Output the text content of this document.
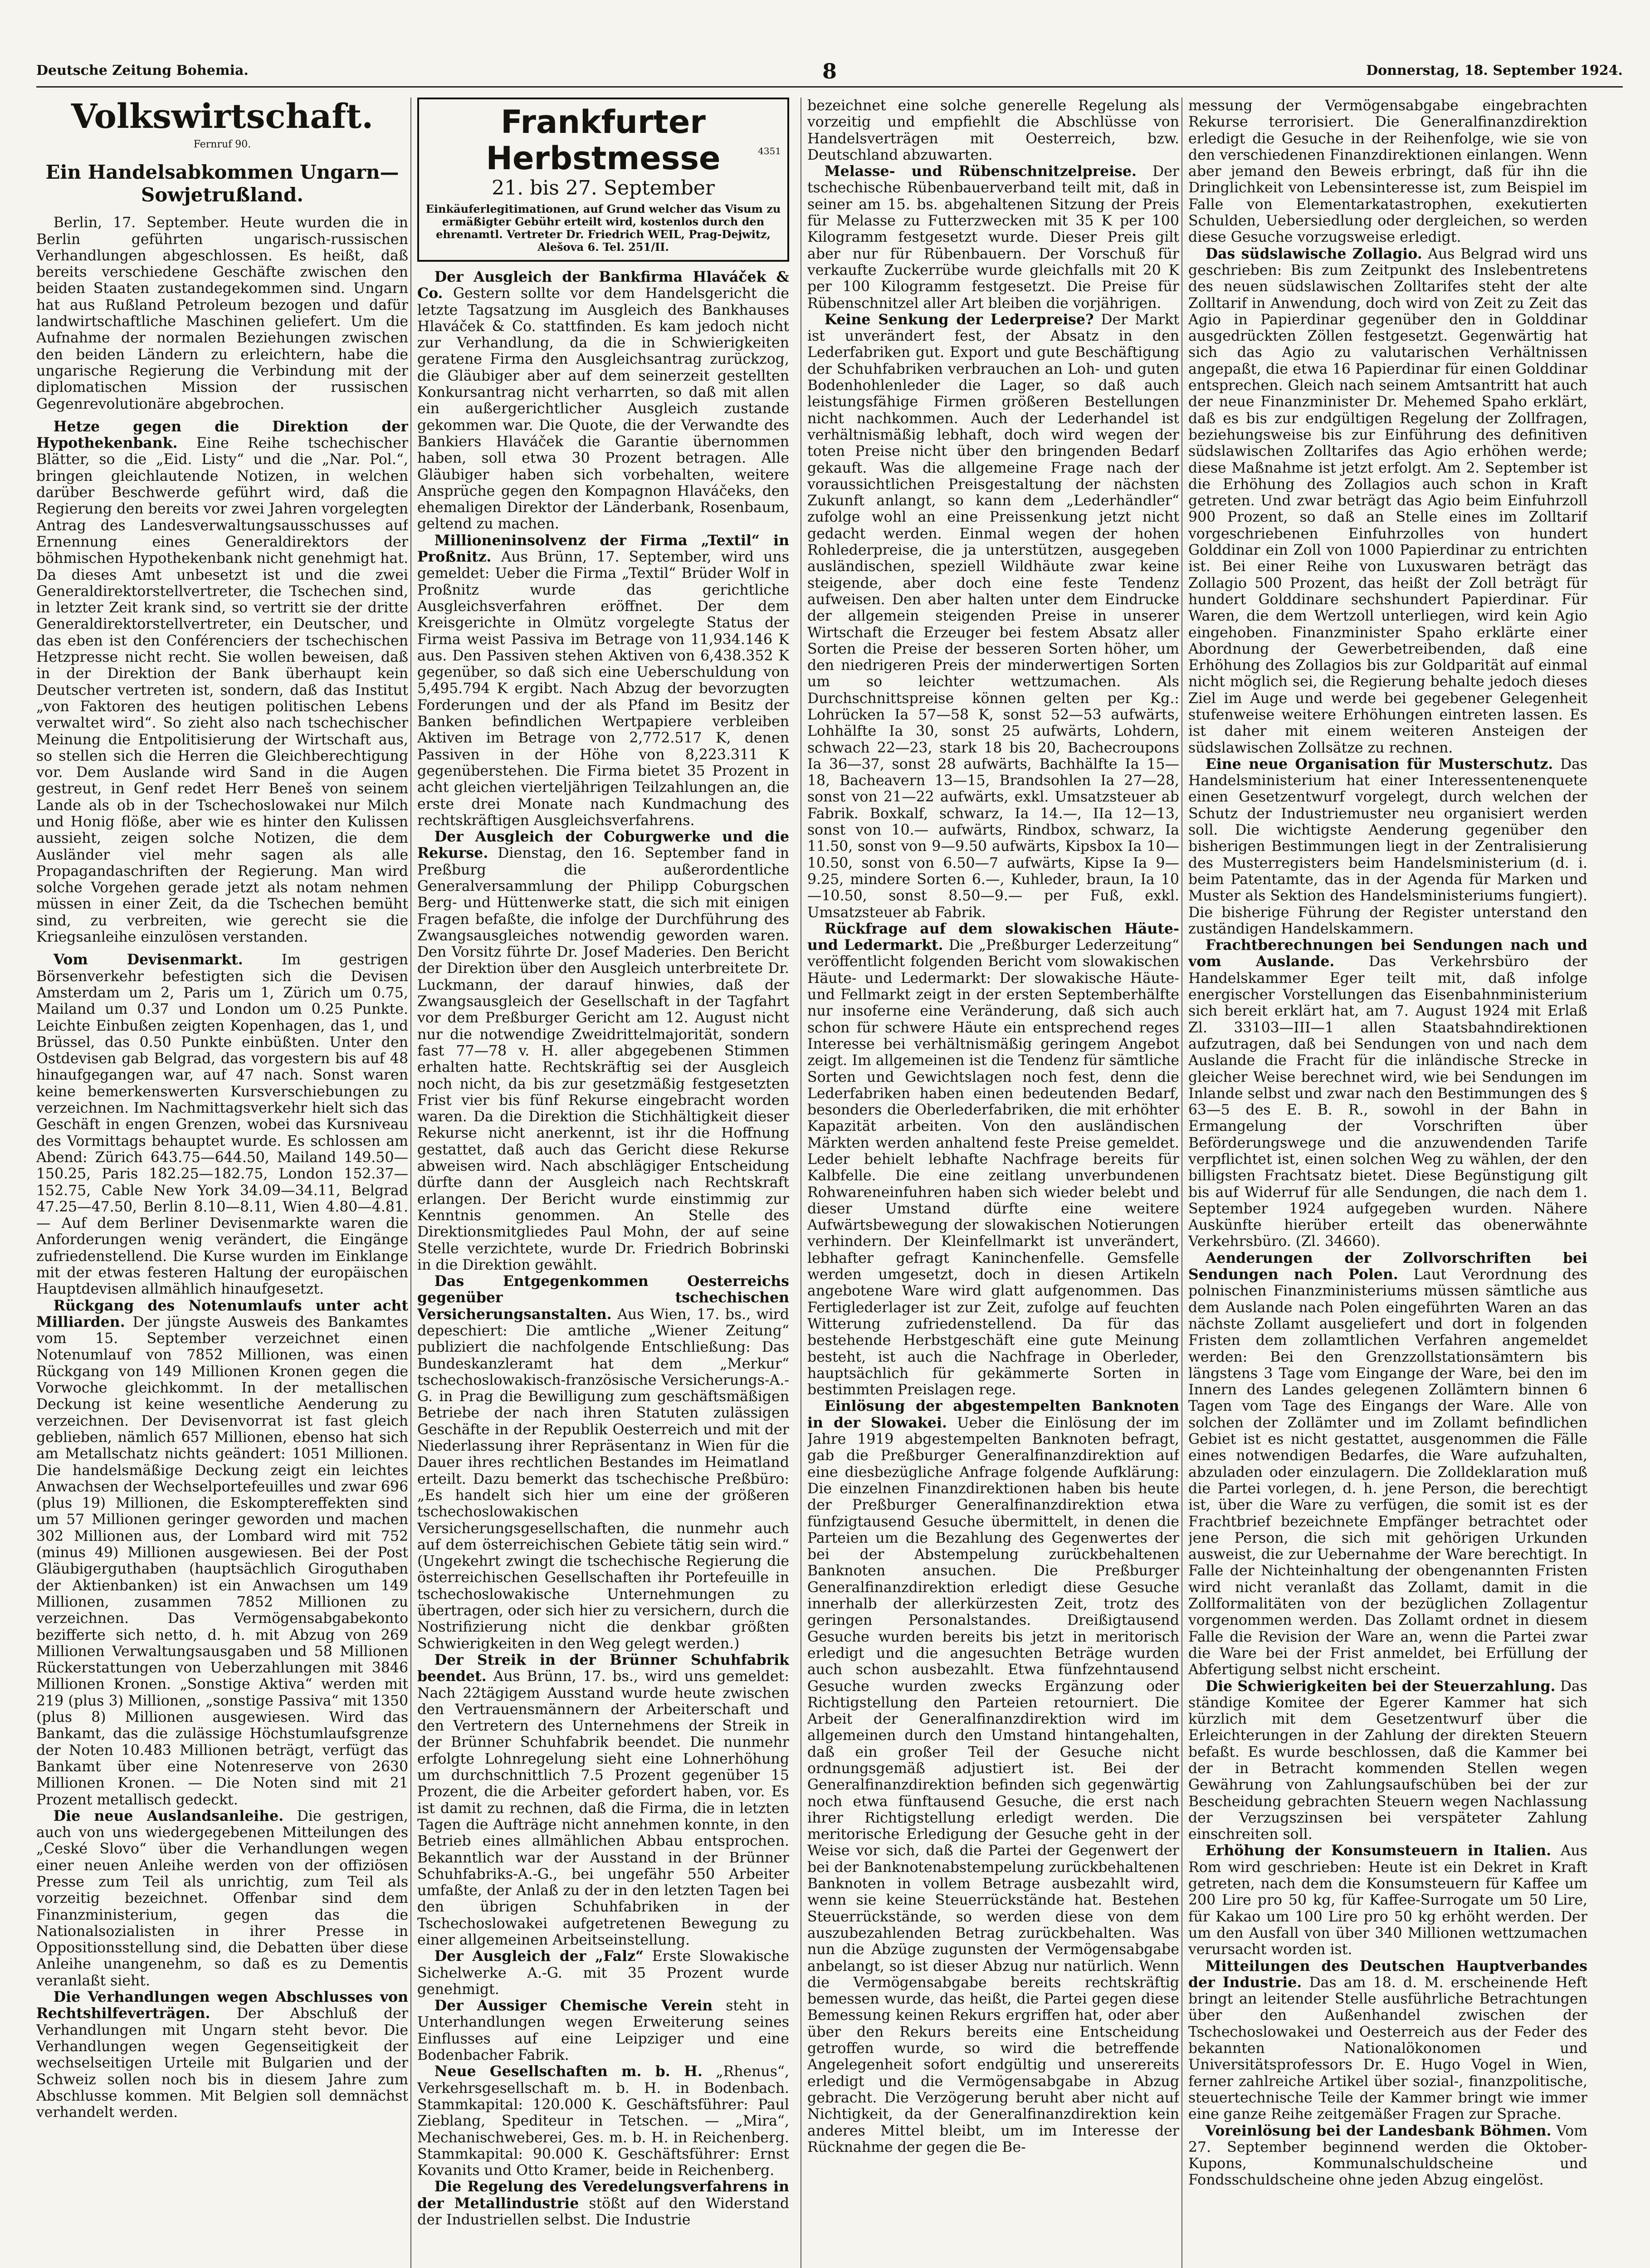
Deutsche Zeitung Bohemia.	8	Donnerstag, 18. September 1924.
Volkswirtschaft.
Fernruf 90.
Ein Handelsabkommen Ungarn—Sowjetrußland.

Berlin, 17. September. Heute wurden die in Berlin geführten ungarisch-russischen Verhandlungen abgeschlossen. Es heißt, daß bereits verschiedene Geschäfte zwischen den beiden Staaten zustandegekommen sind. Ungarn hat aus Rußland Petroleum bezogen und dafür landwirtschaftliche Maschinen geliefert. Um die Aufnahme der normalen Beziehungen zwischen den beiden Ländern zu erleichtern, habe die ungarische Regierung die Verbindung mit der diplomatischen Mission der russischen Gegenrevolutionäre abgebrochen.

Hetze gegen die Direktion der Hypothekenbank. Eine Reihe tschechischer Blätter, so die „Eid. Listy“ und die „Nar. Pol.“, bringen gleichlautende Notizen, in welchen darüber Beschwerde geführt wird, daß die Regierung den bereits vor zwei Jahren vorgelegten Antrag des Landesverwaltungsausschusses auf Ernennung eines Generaldirektors der böhmischen Hypothekenbank nicht genehmigt hat. Da dieses Amt unbesetzt ist und die zwei Generaldirektorstellvertreter, die Tschechen sind, in letzter Zeit krank sind, so vertritt sie der dritte Generaldirektorstellvertreter, ein Deutscher, und das eben ist den Conférenciers der tschechischen Hetzpresse nicht recht. Sie wollen beweisen, daß in der Direktion der Bank überhaupt kein Deutscher vertreten ist, sondern, daß das Institut „von Faktoren des heutigen politischen Lebens verwaltet wird“. So zieht also nach tschechischer Meinung die Entpolitisierung der Wirtschaft aus, so stellen sich die Herren die Gleichberechtigung vor. Dem Auslande wird Sand in die Augen gestreut, in Genf redet Herr Beneš von seinem Lande als ob in der Tschechoslowakei nur Milch und Honig flöße, aber wie es hinter den Kulissen aussieht, zeigen solche Notizen, die dem Ausländer viel mehr sagen als alle Propagandaschriften der Regierung. Man wird solche Vorgehen gerade jetzt als notam nehmen müssen in einer Zeit, da die Tschechen bemüht sind, zu verbreiten, wie gerecht sie die Kriegsanleihe einzulösen verstanden.

Vom Devisenmarkt.	Im gestrigen Börsenverkehr befestigten sich die Devisen Amsterdam um 2, Paris um 1, Zürich um 0.75, Mailand um 0.37 und London um 0.25 Punkte. Leichte Einbußen zeigten Kopenhagen, das 1, und Brüssel, das 0.50 Punkte einbüßten. Unter den Ostdevisen gab Belgrad, das vorgestern bis auf 48 hinaufgegangen war, auf 47 nach. Sonst waren keine bemerkenswerten Kursverschiebungen zu verzeichnen. Im Nachmittagsverkehr hielt sich das Geschäft in engen Grenzen, wobei das Kursniveau des Vormittags behauptet wurde. Es schlossen am Abend: Zürich 643.75—644.50, Mailand 149.50—150.25, Paris 182.25—182.75, London 152.37—152.75, Cable New York 34.09—34.11, Belgrad 47.25—47.50, Berlin 8.10—8.11, Wien 4.80—4.81. — Auf dem Berliner Devisenmarkte waren die Anforderungen wenig verändert, die Eingänge zufriedenstellend. Die Kurse wurden im Einklange mit der etwas festeren Haltung der europäischen Hauptdevisen allmählich hinaufgesetzt.

Rückgang des Notenumlaufs unter acht Milliarden. Der jüngste Ausweis des Bankamtes vom 15. September verzeichnet einen Notenumlauf von 7852 Millionen, was einen Rückgang von 149 Millionen Kronen gegen die Vorwoche gleichkommt. In der metallischen Deckung ist keine wesentliche Aenderung zu verzeichnen. Der Devisenvorrat ist fast gleich geblieben, nämlich 657 Millionen, ebenso hat sich am Metallschatz nichts geändert: 1051 Millionen. Die handelsmäßige Deckung zeigt ein leichtes Anwachsen der Wechselportefeuilles und zwar 696 (plus 19) Millionen, die Eskomptereffekten sind um 57 Millionen geringer geworden und machen 302 Millionen aus, der Lombard wird mit 752 (minus 49) Millionen ausgewiesen. Bei der Post Gläubigerguthaben (hauptsächlich Giroguthaben der Aktienbanken) ist ein Anwachsen um 149 Millionen, zusammen 7852 Millionen zu verzeichnen. Das Vermögensabgabekonto bezifferte sich netto, d. h. mit Abzug von 269 Millionen Verwaltungsausgaben und 58 Millionen Rückerstattungen von Ueberzahlungen mit 3846 Millionen Kronen. „Sonstige Aktiva“ werden mit 219 (plus 3) Millionen, „sonstige Passiva“ mit 1350 (plus 8) Millionen ausgewiesen. Wird das Bankamt, das die zulässige Höchstumlaufsgrenze der Noten 10.483 Millionen beträgt, verfügt das Bankamt über eine Notenreserve von 2630 Millionen Kronen. — Die Noten sind mit 21 Prozent metallisch gedeckt.

Die neue Auslandsanleihe. Die gestrigen, auch von uns wiedergegebenen Mitteilungen des „Ceské Slovo“ über die Verhandlungen wegen einer neuen Anleihe werden von der offiziösen Presse zum Teil als unrichtig, zum Teil als vorzeitig bezeichnet. Offenbar sind dem Finanzministerium, gegen das die Nationalsozialisten in ihrer Presse in Oppositionsstellung sind, die Debatten über diese Anleihe unangenehm, so daß es zu Dementis veranlaßt sieht.

Die Verhandlungen wegen Abschlusses von Rechtshilfeverträgen. Der Abschluß der Verhandlungen mit Ungarn steht bevor. Die Verhandlungen wegen Gegenseitigkeit der wechselseitigen Urteile mit Bulgarien und der Schweiz sollen noch bis in diesem Jahre zum Abschlusse kommen. Mit Belgien soll demnächst verhandelt werden.

Frankfurter Herbstmesse
21. bis 27. September
4351
Einkäuferlegitimationen, auf Grund welcher das Visum zu ermäßigter Gebühr erteilt wird, kostenlos durch den ehrenamtl. Vertreter Dr. Friedrich WEIL, Prag-Dejwitz, Alešova 6. Tel. 251/II.

Der Ausgleich der Bankfirma Hlaváček & Co. Gestern sollte vor dem Handelsgericht die letzte Tagsatzung im Ausgleich des Bankhauses Hlaváček & Co. stattfinden. Es kam jedoch nicht zur Verhandlung, da die in Schwierigkeiten geratene Firma den Ausgleichsantrag zurückzog, die Gläubiger aber auf dem seinerzeit gestellten Konkursantrag nicht verharrten, so daß mit allen ein außergerichtlicher Ausgleich zustande gekommen war. Die Quote, die der Verwandte des Bankiers Hlaváček die Garantie übernommen haben, soll etwa 30 Prozent betragen. Alle Gläubiger haben sich vorbehalten, weitere Ansprüche gegen den Kompagnon Hlaváčeks, den ehemaligen Direktor der Länderbank, Rosenbaum, geltend zu machen.

Millioneninsolvenz der Firma „Textil“ in Proßnitz. Aus Brünn, 17. September, wird uns gemeldet: Ueber die Firma „Textil“ Brüder Wolf in Proßnitz wurde das gerichtliche Ausgleichsverfahren eröffnet. Der dem Kreisgerichte in Olmütz vorgelegte Status der Firma weist Passiva im Betrage von 11,934.146 K aus. Den Passiven stehen Aktiven von 6,438.352 K gegenüber, so daß sich eine Ueberschuldung von 5,495.794 K ergibt. Nach Abzug der bevorzugten Forderungen und der als Pfand im Besitz der Banken befindlichen Wertpapiere verbleiben Aktiven im Betrage von 2,772.517 K, denen Passiven in der Höhe von 8,223.311 K gegenüberstehen. Die Firma bietet 35 Prozent in acht gleichen vierteljährigen Teilzahlungen an, die erste drei Monate nach Kundmachung des rechtskräftigen Ausgleichsverfahrens.

Der Ausgleich der Coburgwerke und die Rekurse. Dienstag, den 16. September fand in Preßburg die außerordentliche Generalversammlung der Philipp Coburgschen Berg- und Hüttenwerke statt, die sich mit einigen Fragen befaßte, die infolge der Durchführung des Zwangsausgleiches notwendig geworden waren. Den Vorsitz führte Dr. Josef Maderies. Den Bericht der Direktion über den Ausgleich unterbreitete Dr. Luckmann, der darauf hinwies, daß der Zwangsausgleich der Gesellschaft in der Tagfahrt vor dem Preßburger Gericht am 12. August nicht nur die notwendige Zweidrittelmajorität, sondern fast 77—78 v. H. aller abgegebenen Stimmen erhalten hatte. Rechtskräftig sei der Ausgleich noch nicht, da bis zur gesetzmäßig festgesetzten Frist vier bis fünf Rekurse eingebracht worden waren. Da die Direktion die Stichhältigkeit dieser Rekurse nicht anerkennt, ist ihr die Hoffnung gestattet, daß auch das Gericht diese Rekurse abweisen wird. Nach abschlägiger Entscheidung dürfte dann der Ausgleich nach Rechtskraft erlangen. Der Bericht wurde einstimmig zur Kenntnis genommen. An Stelle des Direktionsmitgliedes Paul Mohn, der auf seine Stelle verzichtete, wurde Dr. Friedrich Bobrinski in die Direktion gewählt.

Das Entgegenkommen Oesterreichs gegenüber tschechischen Versicherungsanstalten. Aus Wien, 17. bs., wird depeschiert: Die amtliche „Wiener Zeitung“ publiziert die nachfolgende Entschließung: Das Bundeskanzleramt hat dem „Merkur“ tschechoslowakisch-französische Versicherungs-A.-G. in Prag die Bewilligung zum geschäftsmäßigen Betriebe der nach ihren Statuten zulässigen Geschäfte in der Republik Oesterreich und mit der Niederlassung ihrer Repräsentanz in Wien für die Dauer ihres rechtlichen Bestandes im Heimatland erteilt. Dazu bemerkt das tschechische Preßbüro: „Es handelt sich hier um eine der größeren tschechoslowakischen Versicherungsgesellschaften, die nunmehr auch auf dem österreichischen Gebiete tätig sein wird.“ (Ungekehrt zwingt die tschechische Regierung die österreichischen Gesellschaften ihr Portefeuille in tschechoslowakische Unternehmungen zu übertragen, oder sich hier zu versichern, durch die Nostrifizierung nicht die denkbar größten Schwierigkeiten in den Weg gelegt werden.)

Der Streik in der Brünner Schuhfabrik beendet. Aus Brünn, 17. bs., wird uns gemeldet: Nach 22tägigem Ausstand wurde heute zwischen den Vertrauensmännern der Arbeiterschaft und den Vertretern des Unternehmens der Streik in der Brünner Schuhfabrik beendet. Die nunmehr erfolgte Lohnregelung sieht eine Lohnerhöhung um durchschnittlich 7.5 Prozent gegenüber 15 Prozent, die die Arbeiter gefordert haben, vor. Es ist damit zu rechnen, daß die Firma, die in letzten Tagen die Aufträge nicht annehmen konnte, in den Betrieb eines allmählichen Abbau entsprochen. Bekanntlich war der Ausstand in der Brünner Schuhfabriks-A.-G., bei ungefähr 550 Arbeiter umfaßte, der Anlaß zu der in den letzten Tagen bei den übrigen Schuhfabriken in der Tschechoslowakei aufgetretenen Bewegung zu einer allgemeinen Arbeitseinstellung.

Der Ausgleich der „Falz“ Erste Slowakische Sichelwerke A.-G. mit 35 Prozent wurde genehmigt.

Der Aussiger Chemische Verein steht in Unterhandlungen wegen Erweiterung seines Einflusses auf eine Leipziger und eine Bodenbacher Fabrik.

Neue Gesellschaften m. b. H. „Rhenus“, Verkehrsgesellschaft m. b. H. in Bodenbach. Stammkapital: 120.000 K. Geschäftsführer: Paul Zieblang, Spediteur in Tetschen. — „Mira“, Mechanischweberei, Ges. m. b. H. in Reichenberg. Stammkapital: 90.000 K. Geschäftsführer: Ernst Kovanits und Otto Kramer, beide in Reichenberg.

Die Regelung des Veredelungsverfahrens in der Metallindustrie stößt auf den Widerstand der Industriellen selbst. Die Industrie

bezeichnet eine solche generelle Regelung als vorzeitig und empfiehlt die Abschlüsse von Handelsverträgen mit Oesterreich, bzw. Deutschland abzuwarten.

Melasse- und Rübenschnitzelpreise. Der tschechische Rübenbauerverband teilt mit, daß in seiner am 15. bs. abgehaltenen Sitzung der Preis für Melasse zu Futterzwecken mit 35 K per 100 Kilogramm festgesetzt wurde. Dieser Preis gilt aber nur für Rübenbauern. Der Vorschuß für verkaufte Zuckerrübe wurde gleichfalls mit 20 K per 100 Kilogramm festgesetzt. Die Preise für Rübenschnitzel aller Art bleiben die vorjährigen.

Keine Senkung der Lederpreise? Der Markt ist unverändert fest, der Absatz in den Lederfabriken gut. Export und gute Beschäftigung der Schuhfabriken verbrauchen an Loh- und guten Bodenhohlenleder die Lager, so daß auch leistungsfähige Firmen größeren Bestellungen nicht nachkommen. Auch der Lederhandel ist verhältnismäßig lebhaft, doch wird wegen der toten Preise nicht über den bringenden Bedarf gekauft. Was die allgemeine Frage nach der voraussichtlichen Preisgestaltung der nächsten Zukunft anlangt, so kann dem „Lederhändler“ zufolge wohl an eine Preissenkung jetzt nicht gedacht werden. Einmal wegen der hohen Rohlederpreise, die ja unterstützen, ausgegeben ausländischen, speziell Wildhäute zwar keine steigende, aber doch eine feste Tendenz aufweisen. Den aber halten unter dem Eindrucke der allgemein steigenden Preise in unserer Wirtschaft die Erzeuger bei festem Absatz aller Sorten die Preise der besseren Sorten höher, um den niedrigeren Preis der minderwertigen Sorten um so leichter wettzumachen. Als Durchschnittspreise können gelten per Kg.: Lohrücken Ia 57—58 K, sonst 52—53 aufwärts, Lohhälfte Ia 30, sonst 25 aufwärts, Lohdern, schwach 22—23, stark 18 bis 20, Bachecroupons Ia 36—37, sonst 28 aufwärts, Bachhälfte Ia 15—18, Bacheavern 13—15, Brandsohlen Ia 27—28, sonst von 21—22 aufwärts, exkl. Umsatzsteuer ab Fabrik. Boxkalf, schwarz, Ia 14.—, IIa 12—13, sonst von 10.— aufwärts, Rindbox, schwarz, Ia 11.50, sonst von 9—9.50 aufwärts, Kipsbox Ia 10—10.50, sonst von 6.50—7 aufwärts, Kipse Ia 9—9.25, mindere Sorten 6.—, Kuhleder, braun, Ia 10—10.50, sonst 8.50—9.— per Fuß, exkl. Umsatzsteuer ab Fabrik.

Rückfrage auf dem slowakischen Häute- und Ledermarkt. Die „Preßburger Lederzeitung“ veröffentlicht folgenden Bericht vom slowakischen Häute- und Ledermarkt: Der slowakische Häute- und Fellmarkt zeigt in der ersten Septemberhälfte nur insoferne eine Veränderung, daß sich auch schon für schwere Häute ein entsprechend reges Interesse bei verhältnismäßig geringem Angebot zeigt. Im allgemeinen ist die Tendenz für sämtliche Sorten und Gewichtslagen noch fest, denn die Lederfabriken haben einen bedeutenden Bedarf, besonders die Oberlederfabriken, die mit erhöhter Kapazität arbeiten. Von den ausländischen Märkten werden anhaltend feste Preise gemeldet. Leder behielt lebhafte Nachfrage bereits für Kalbfelle. Die eine zeitlang unverbundenen Rohwareneinfuhren haben sich wieder belebt und dieser Umstand dürfte eine weitere Aufwärtsbewegung der slowakischen Notierungen verhindern. Der Kleinfellmarkt ist unverändert, lebhafter gefragt Kaninchenfelle. Gemsfelle werden umgesetzt, doch in diesen Artikeln angebotene Ware wird glatt aufgenommen. Das Fertiglederlager ist zur Zeit, zufolge auf feuchten Witterung zufriedenstellend. Da für das bestehende Herbstgeschäft eine gute Meinung besteht, ist auch die Nachfrage in Oberleder, hauptsächlich für gekämmerte Sorten in bestimmten Preislagen rege.

Einlösung der abgestempelten Banknoten in der Slowakei. Ueber die Einlösung der im Jahre 1919 abgestempelten Banknoten befragt, gab die Preßburger Generalfinanzdirektion auf eine diesbezügliche Anfrage folgende Aufklärung: Die einzelnen Finanzdirektionen haben bis heute der Preßburger Generalfinanzdirektion etwa fünfzigtausend Gesuche übermittelt, in denen die Parteien um die Bezahlung des Gegenwertes der bei der Abstempelung zurückbehaltenen Banknoten ansuchen. Die Preßburger Generalfinanzdirektion erledigt diese Gesuche innerhalb der allerkürzesten Zeit, trotz des geringen Personalstandes. Dreißigtausend Gesuche wurden bereits bis jetzt in meritorisch erledigt und die angesuchten Beträge wurden auch schon ausbezahlt. Etwa fünfzehntausend Gesuche wurden zwecks Ergänzung oder Richtigstellung den Parteien retourniert. Die Arbeit der Generalfinanzdirektion wird im allgemeinen durch den Umstand hintangehalten, daß ein großer Teil der Gesuche nicht ordnungsgemäß adjustiert ist. Bei der Generalfinanzdirektion befinden sich gegenwärtig noch etwa fünftausend Gesuche, die erst nach ihrer Richtigstellung erledigt werden. Die meritorische Erledigung der Gesuche geht in der Weise vor sich, daß die Partei der Gegenwert der bei der Banknotenabstempelung zurückbehaltenen Banknoten in vollem Betrage ausbezahlt wird, wenn sie keine Steuerrückstände hat. Bestehen Steuerrückstände, so werden diese von dem auszubezahlenden Betrag zurückbehalten. Was nun die Abzüge zugunsten der Vermögensabgabe anbelangt, so ist dieser Abzug nur natürlich. Wenn die Vermögensabgabe bereits rechtskräftig bemessen wurde, das heißt, die Partei gegen diese Bemessung keinen Rekurs ergriffen hat, oder aber über den Rekurs bereits eine Entscheidung getroffen wurde, so wird die betreffende Angelegenheit sofort endgültig und unserereits erledigt und die Vermögensabgabe in Abzug gebracht. Die Verzögerung beruht aber nicht auf Nichtigkeit, da der Generalfinanzdirektion kein anderes Mittel bleibt, um im Interesse der Rücknahme der gegen die Be-

messung der Vermögensabgabe eingebrachten Rekurse terrorisiert. Die Generalfinanzdirektion erledigt die Gesuche in der Reihenfolge, wie sie von den verschiedenen Finanzdirektionen einlangen. Wenn aber jemand den Beweis erbringt, daß für ihn die Dringlichkeit von Lebensinteresse ist, zum Beispiel im Falle von Elementarkatastrophen, exekutierten Schulden, Uebersiedlung oder dergleichen, so werden diese Gesuche vorzugsweise erledigt.

Das südslawische Zollagio. Aus Belgrad wird uns geschrieben: Bis zum Zeitpunkt des Inslebentretens des neuen südslawischen Zolltarifes steht der alte Zolltarif in Anwendung, doch wird von Zeit zu Zeit das Agio in Papierdinar gegenüber den in Golddinar ausgedrückten Zöllen festgesetzt. Gegenwärtig hat sich das Agio zu valutarischen Verhältnissen angepaßt, die etwa 16 Papierdinar für einen Golddinar entsprechen. Gleich nach seinem Amtsantritt hat auch der neue Finanzminister Dr. Mehemed Spaho erklärt, daß es bis zur endgültigen Regelung der Zollfragen, beziehungsweise bis zur Einführung des definitiven südslawischen Zolltarifes das Agio erhöhen werde; diese Maßnahme ist jetzt erfolgt. Am 2. September ist die Erhöhung des Zollagios auch schon in Kraft getreten. Und zwar beträgt das Agio beim Einfuhrzoll 900 Prozent, so daß an Stelle eines im Zolltarif vorgeschriebenen Einfuhrzolles von hundert Golddinar ein Zoll von 1000 Papierdinar zu entrichten ist. Bei einer Reihe von Luxuswaren beträgt das Zollagio 500 Prozent, das heißt der Zoll beträgt für hundert Golddinare sechshundert Papierdinar. Für Waren, die dem Wertzoll unterliegen, wird kein Agio eingehoben. Finanzminister Spaho erklärte einer Abordnung der Gewerbetreibenden, daß eine Erhöhung des Zollagios bis zur Goldparität auf einmal nicht möglich sei, die Regierung behalte jedoch dieses Ziel im Auge und werde bei gegebener Gelegenheit stufenweise weitere Erhöhungen eintreten lassen. Es ist daher mit einem weiteren Ansteigen der südslawischen Zollsätze zu rechnen.

Eine neue Organisation für Musterschutz. Das Handelsministerium hat einer Interessentenenquete einen Gesetzentwurf vorgelegt, durch welchen der Schutz der Industriemuster neu organisiert werden soll. Die wichtigste Aenderung gegenüber den bisherigen Bestimmungen liegt in der Zentralisierung des Musterregisters beim Handelsministerium (d. i. beim Patentamte, das in der Agenda für Marken und Muster als Sektion des Handelsministeriums fungiert). Die bisherige Führung der Register unterstand den zuständigen Handelskammern.

Frachtberechnungen bei Sendungen nach und vom Auslande. Das Verkehrsbüro der Handelskammer Eger teilt mit, daß infolge energischer Vorstellungen das Eisenbahnministerium sich bereit erklärt hat, am 7. August 1924 mit Erlaß Zl. 33103—III—1 allen Staatsbahndirektionen aufzutragen, daß bei Sendungen von und nach dem Auslande die Fracht für die inländische Strecke in gleicher Weise berechnet wird, wie bei Sendungen im Inlande selbst und zwar nach den Bestimmungen des § 63—5 des E. B. R., sowohl in der Bahn in Ermangelung der Vorschriften über Beförderungswege und die anzuwendenden Tarife verpflichtet ist, einen solchen Weg zu wählen, der den billigsten Frachtsatz bietet. Diese Begünstigung gilt bis auf Widerruf für alle Sendungen, die nach dem 1. September 1924 aufgegeben wurden. Nähere Auskünfte hierüber erteilt das obenerwähnte Verkehrsbüro. (Zl. 34660).

Aenderungen der Zollvorschriften bei Sendungen nach Polen. Laut Verordnung des polnischen Finanzministeriums müssen sämtliche aus dem Auslande nach Polen eingeführten Waren an das nächste Zollamt ausgeliefert und dort in folgenden Fristen dem zollamtlichen Verfahren angemeldet werden: Bei den Grenzzollstationsämtern bis längstens 3 Tage vom Eingange der Ware, bei den im Innern des Landes gelegenen Zollämtern binnen 6 Tagen vom Tage des Eingangs der Ware. Alle von solchen der Zollämter und im Zollamt befindlichen Gebiet ist es nicht gestattet, ausgenommen die Fälle eines notwendigen Bedarfes, die Ware aufzuhalten, abzuladen oder einzulagern. Die Zolldeklaration muß die Partei vorlegen, d. h. jene Person, die berechtigt ist, über die Ware zu verfügen, die somit ist es der Frachtbrief bezeichnete Empfänger betrachtet oder jene Person, die sich mit gehörigen Urkunden ausweist, die zur Uebernahme der Ware berechtigt. In Falle der Nichteinhaltung der obengenannten Fristen wird nicht veranlaßt das Zollamt, damit in die Zollformalitäten von der bezüglichen Zollagentur vorgenommen werden. Das Zollamt ordnet in diesem Falle die Revision der Ware an, wenn die Partei zwar die Ware bei der Frist anmeldet, bei Erfüllung der Abfertigung selbst nicht erscheint.

Die Schwierigkeiten bei der Steuerzahlung. Das ständige Komitee der Egerer Kammer hat sich kürzlich mit dem Gesetzentwurf über die Erleichterungen in der Zahlung der direkten Steuern befaßt. Es wurde beschlossen, daß die Kammer bei der in Betracht kommenden Stellen wegen Gewährung von Zahlungsaufschüben bei der zur Bescheidung gebrachten Steuern wegen Nachlassung der Verzugszinsen bei verspäteter Zahlung einschreiten soll.

Erhöhung der Konsumsteuern in Italien. Aus Rom wird geschrieben: Heute ist ein Dekret in Kraft getreten, nach dem die Konsumsteuern für Kaffee um 200 Lire pro 50 kg, für Kaffee-Surrogate um 50 Lire, für Kakao um 100 Lire pro 50 kg erhöht werden. Der um den Ausfall von über 340 Millionen wettzumachen verursacht worden ist.

Mitteilungen des Deutschen Hauptverbandes der Industrie. Das am 18. d. M. erscheinende Heft bringt an leitender Stelle ausführliche Betrachtungen über den Außenhandel zwischen der Tschechoslowakei und Oesterreich aus der Feder des bekannten Nationalökonomen und Universitätsprofessors Dr. E. Hugo Vogel in Wien, ferner zahlreiche Artikel über sozial-, finanzpolitische, steuertechnische Teile der Kammer bringt wie immer eine ganze Reihe zeitgemäßer Fragen zur Sprache.

Voreinlösung bei der Landesbank Böhmen. Vom 27. September beginnend werden die Oktober-Kupons, Kommunalschuldscheine und Fondsschuldscheine ohne jeden Abzug eingelöst.
